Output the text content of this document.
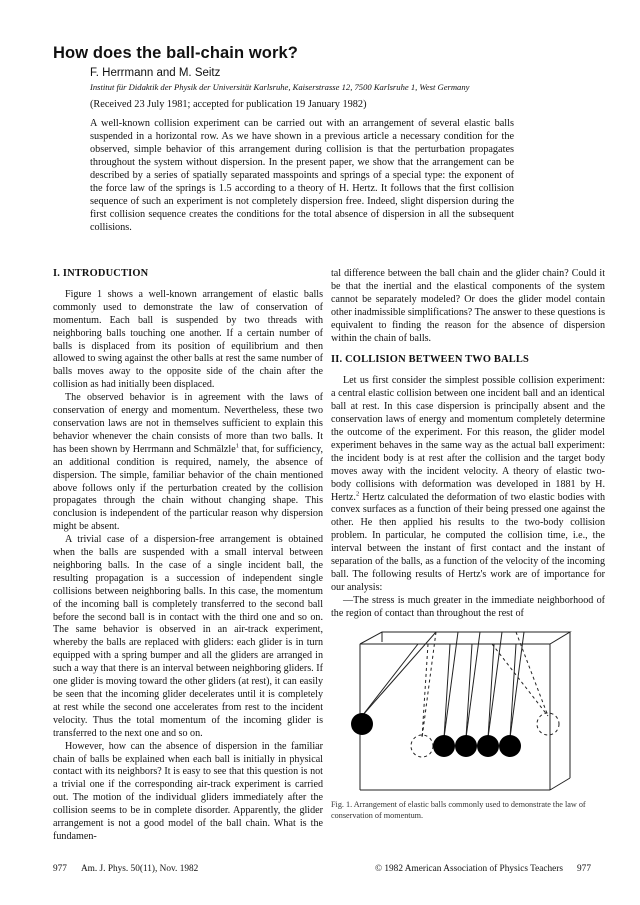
How does the ball-chain work?
F. Herrmann and M. Seitz
Institut für Didaktik der Physik der Universität Karlsruhe, Kaiserstrasse 12, 7500 Karlsruhe 1, West Germany
(Received 23 July 1981; accepted for publication 19 January 1982)

A well-known collision experiment can be carried out with an arrangement of several elastic balls suspended in a horizontal row. As we have shown in a previous article a necessary condition for the observed, simple behavior of this arrangement during collision is that the perturbation propagates throughout the system without dispersion. In the present paper, we show that the arrangement can be described by a series of spatially separated masspoints and springs of a special type: the exponent of the force law of the springs is 1.5 according to a theory of H. Hertz. It follows that the first collision sequence of such an experiment is not completely dispersion free. Indeed, slight dispersion during the first collision sequence creates the conditions for the total absence of dispersion in all the subsequent collisions.

I. INTRODUCTION

Figure 1 shows a well-known arrangement of elastic balls commonly used to demonstrate the law of conservation of momentum. Each ball is suspended by two threads with neighboring balls touching one another. If a certain number of balls is displaced from its position of equilibrium and then allowed to swing against the other balls at rest the same number of balls moves away to the opposite side of the chain after the collision as had initially been displaced.

The observed behavior is in agreement with the laws of conservation of energy and momentum. Nevertheless, these two conservation laws are not in themselves sufficient to explain this behavior whenever the chain consists of more than two balls. It has been shown by Herrmann and Schmälzle$^1$ that, for sufficiency, an additional condition is required, namely, the absence of dispersion. The simple, familiar behavior of the chain mentioned above follows only if the perturbation created by the collision propagates through the chain without changing shape. This conclusion is independent of the particular reason why dispersion might be absent.

A trivial case of a dispersion-free arrangement is obtained when the balls are suspended with a small interval between neighboring balls. In the case of a single incident ball, the resulting propagation is a succession of independent single collisions between neighboring balls. In this case, the momentum of the incoming ball is completely transferred to the second ball before the second ball is in contact with the third one and so on. The same behavior is observed in an air-track experiment, whereby the balls are replaced with gliders: each glider is in turn equipped with a spring bumper and all the gliders are arranged in such a way that there is an interval between neighboring gliders. If one glider is moving toward the other gliders (at rest), it can easily be seen that the incoming glider decelerates until it is completely at rest while the second one accelerates from rest to the incident velocity. Thus the total momentum of the incoming glider is transferred to the next one and so on.

However, how can the absence of dispersion in the familiar chain of balls be explained when each ball is initially in physical contact with its neighbors? It is easy to see that this question is not a trivial one if the corresponding air-track experiment is carried out. The motion of the individual gliders immediately after the collision seems to be in complete disorder. Apparently, the glider arrangement is not a good model of the ball chain. What is the fundamen-

tal difference between the ball chain and the glider chain? Could it be that the inertial and the elastical components of the system cannot be separately modeled? Or does the glider model contain other inadmissible simplifications? The answer to these questions is equivalent to finding the reason for the absence of dispersion within the chain of balls.

II. COLLISION BETWEEN TWO BALLS

Let us first consider the simplest possible collision experiment: a central elastic collision between one incident ball and an identical ball at rest. In this case dispersion is principally absent and the conservation laws of energy and momentum completely determine the outcome of the experiment. For this reason, the glider model experiment behaves in the same way as the actual ball experiment: the incident body is at rest after the collision and the target body moves away with the incident velocity. A theory of elastic two-body collisions with deformation was developed in 1881 by H. Hertz.$^2$ Hertz calculated the deformation of two elastic bodies with convex surfaces as a function of their being pressed one against the other. He then applied his results to the two-body collision problem. In particular, he computed the collision time, i.e., the interval between the instant of first contact and the instant of separation of the balls, as a function of the velocity of the incoming ball. The following results of Hertz's work are of importance for our analysis:

—The stress is much greater in the immediate neighborhood of the region of contact than throughout the rest of

Fig. 1. Arrangement of elastic balls commonly used to demonstrate the law of conservation of momentum.

977 Am. J. Phys. 50(11), Nov. 1982	© 1982 American Association of Physics Teachers 977
